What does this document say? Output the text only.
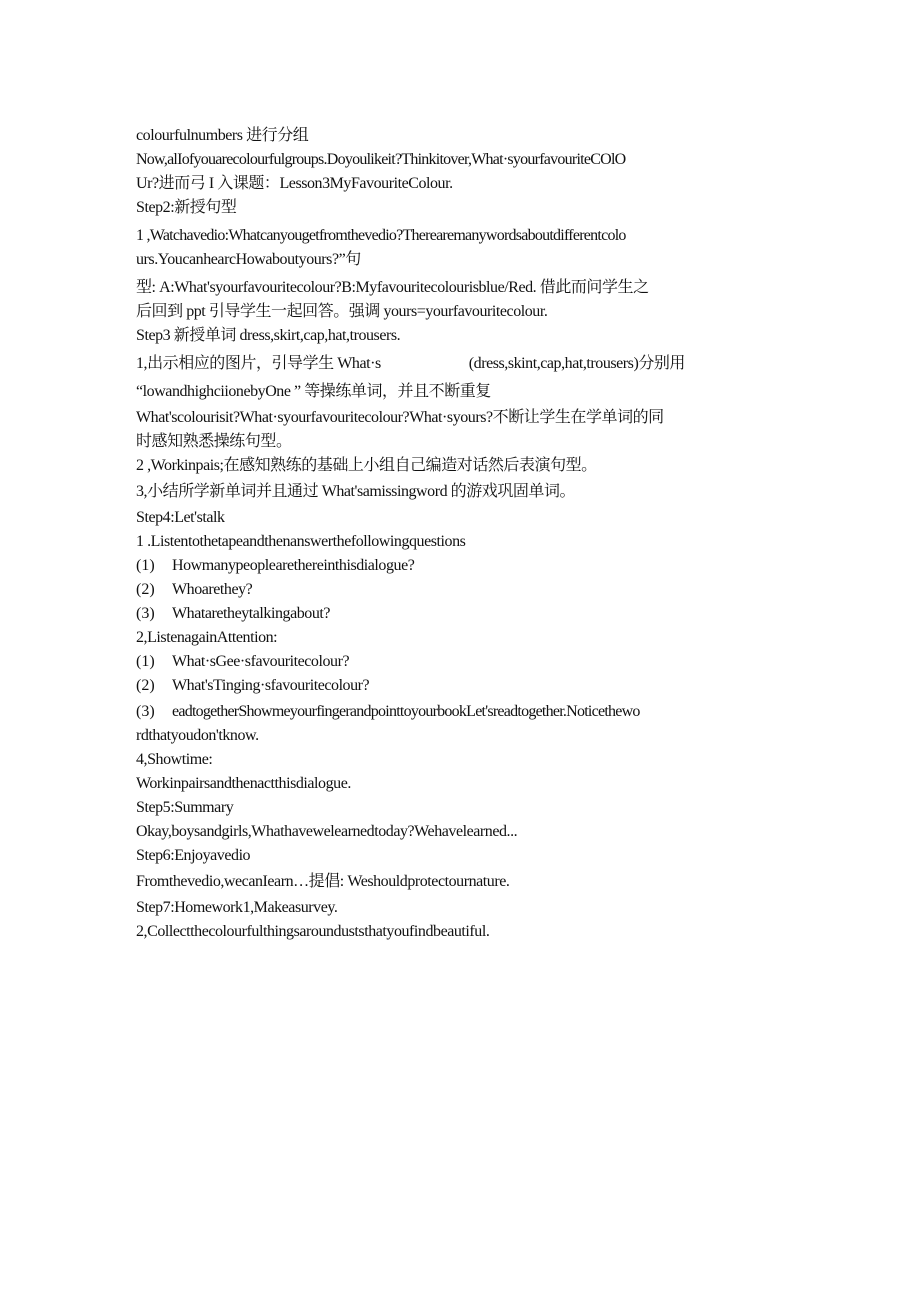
colourfulnumbers 进行分组
Now,alIofyouarecolourfulgroups.Doyoulikeit?Thinkitover,What·syourfavouriteCOlO
Ur?进而弓 I 入课题：Lesson3MyFavouriteColour.
Step2:新授句型
1 ,Watchavedio:Whatcanyougetfromthevedio?Therearemanywordsaboutdifferentcolo
urs.YoucanhearcHowaboutyours?”句
型: A:What'syourfavouritecolour?B:Myfavouritecolourisblue/Red. 借此而问学生之
后回到 ppt 引导学生一起回答。强调 yours=yourfavouritecolour.
Step3 新授单词 dress,skirt,cap,hat,trousers.
1,出示相应的图片，引导学生 What·s	(dress,skint,cap,hat,trousers)分别用
“lowandhighciionebyOne ” 等操练单词，并且不断重复
What'scolourisit?What·syourfavouritecolour?What·syours?不断让学生在学单词的同
时感知熟悉操练句型。
2 ,Workinpais;在感知熟练的基础上小组自己编造对话然后表演句型。
3,小结所学新单词并且通过 What'samissingword 的游戏巩固单词。
Step4:Let'stalk
1 .Listentothetapeandthenanswerthefollowingquestions
(1) Howmanypeoplearethereinthisdialogue?
(2) Whoarethey?
(3) Whataretheytalkingabout?
2,ListenagainAttention:
(1) What·sGee·sfavouritecolour?
(2) What'sTinging·sfavouritecolour?
(3) eadtogetherShowmeyourfingerandpointtoyourbookLet'sreadtogether.Noticethewo
rdthatyoudon'tknow.
4,Showtime:
Workinpairsandthenactthisdialogue.
Step5:Summary
Okay,boysandgirls,Whathavewelearnedtoday?Wehavelearned...
Step6:Enjoyavedio
Fromthevedio,wecanIearn…提倡: Weshouldprotectournature.
Step7:Homework1,Makeasurvey.
2,Collectthecolourfulthingsarounduststhatyoufindbeautiful.
